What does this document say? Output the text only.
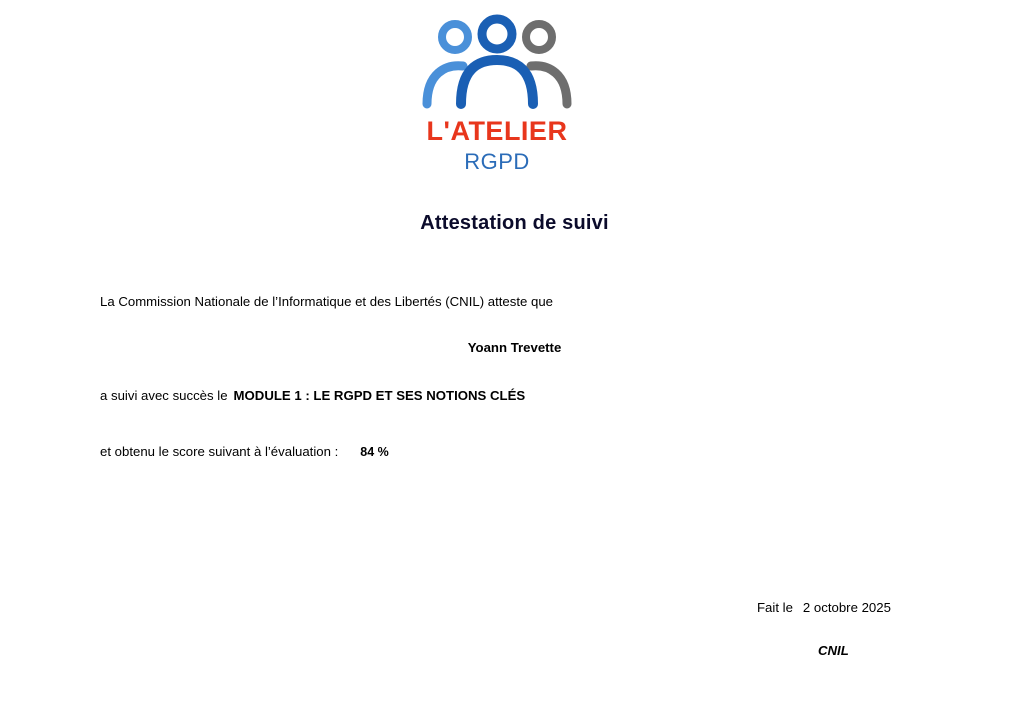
L'ATELIER
RGPD
Attestation de suivi
La Commission Nationale de l’Informatique et des Libertés (CNIL) atteste que
Yoann Trevette
a suivi avec succès le MODULE 1 : LE RGPD ET SES NOTIONS CLÉS
et obtenu le score suivant à l’évaluation : 84 %
Fait le 2 octobre 2025
CNIL
